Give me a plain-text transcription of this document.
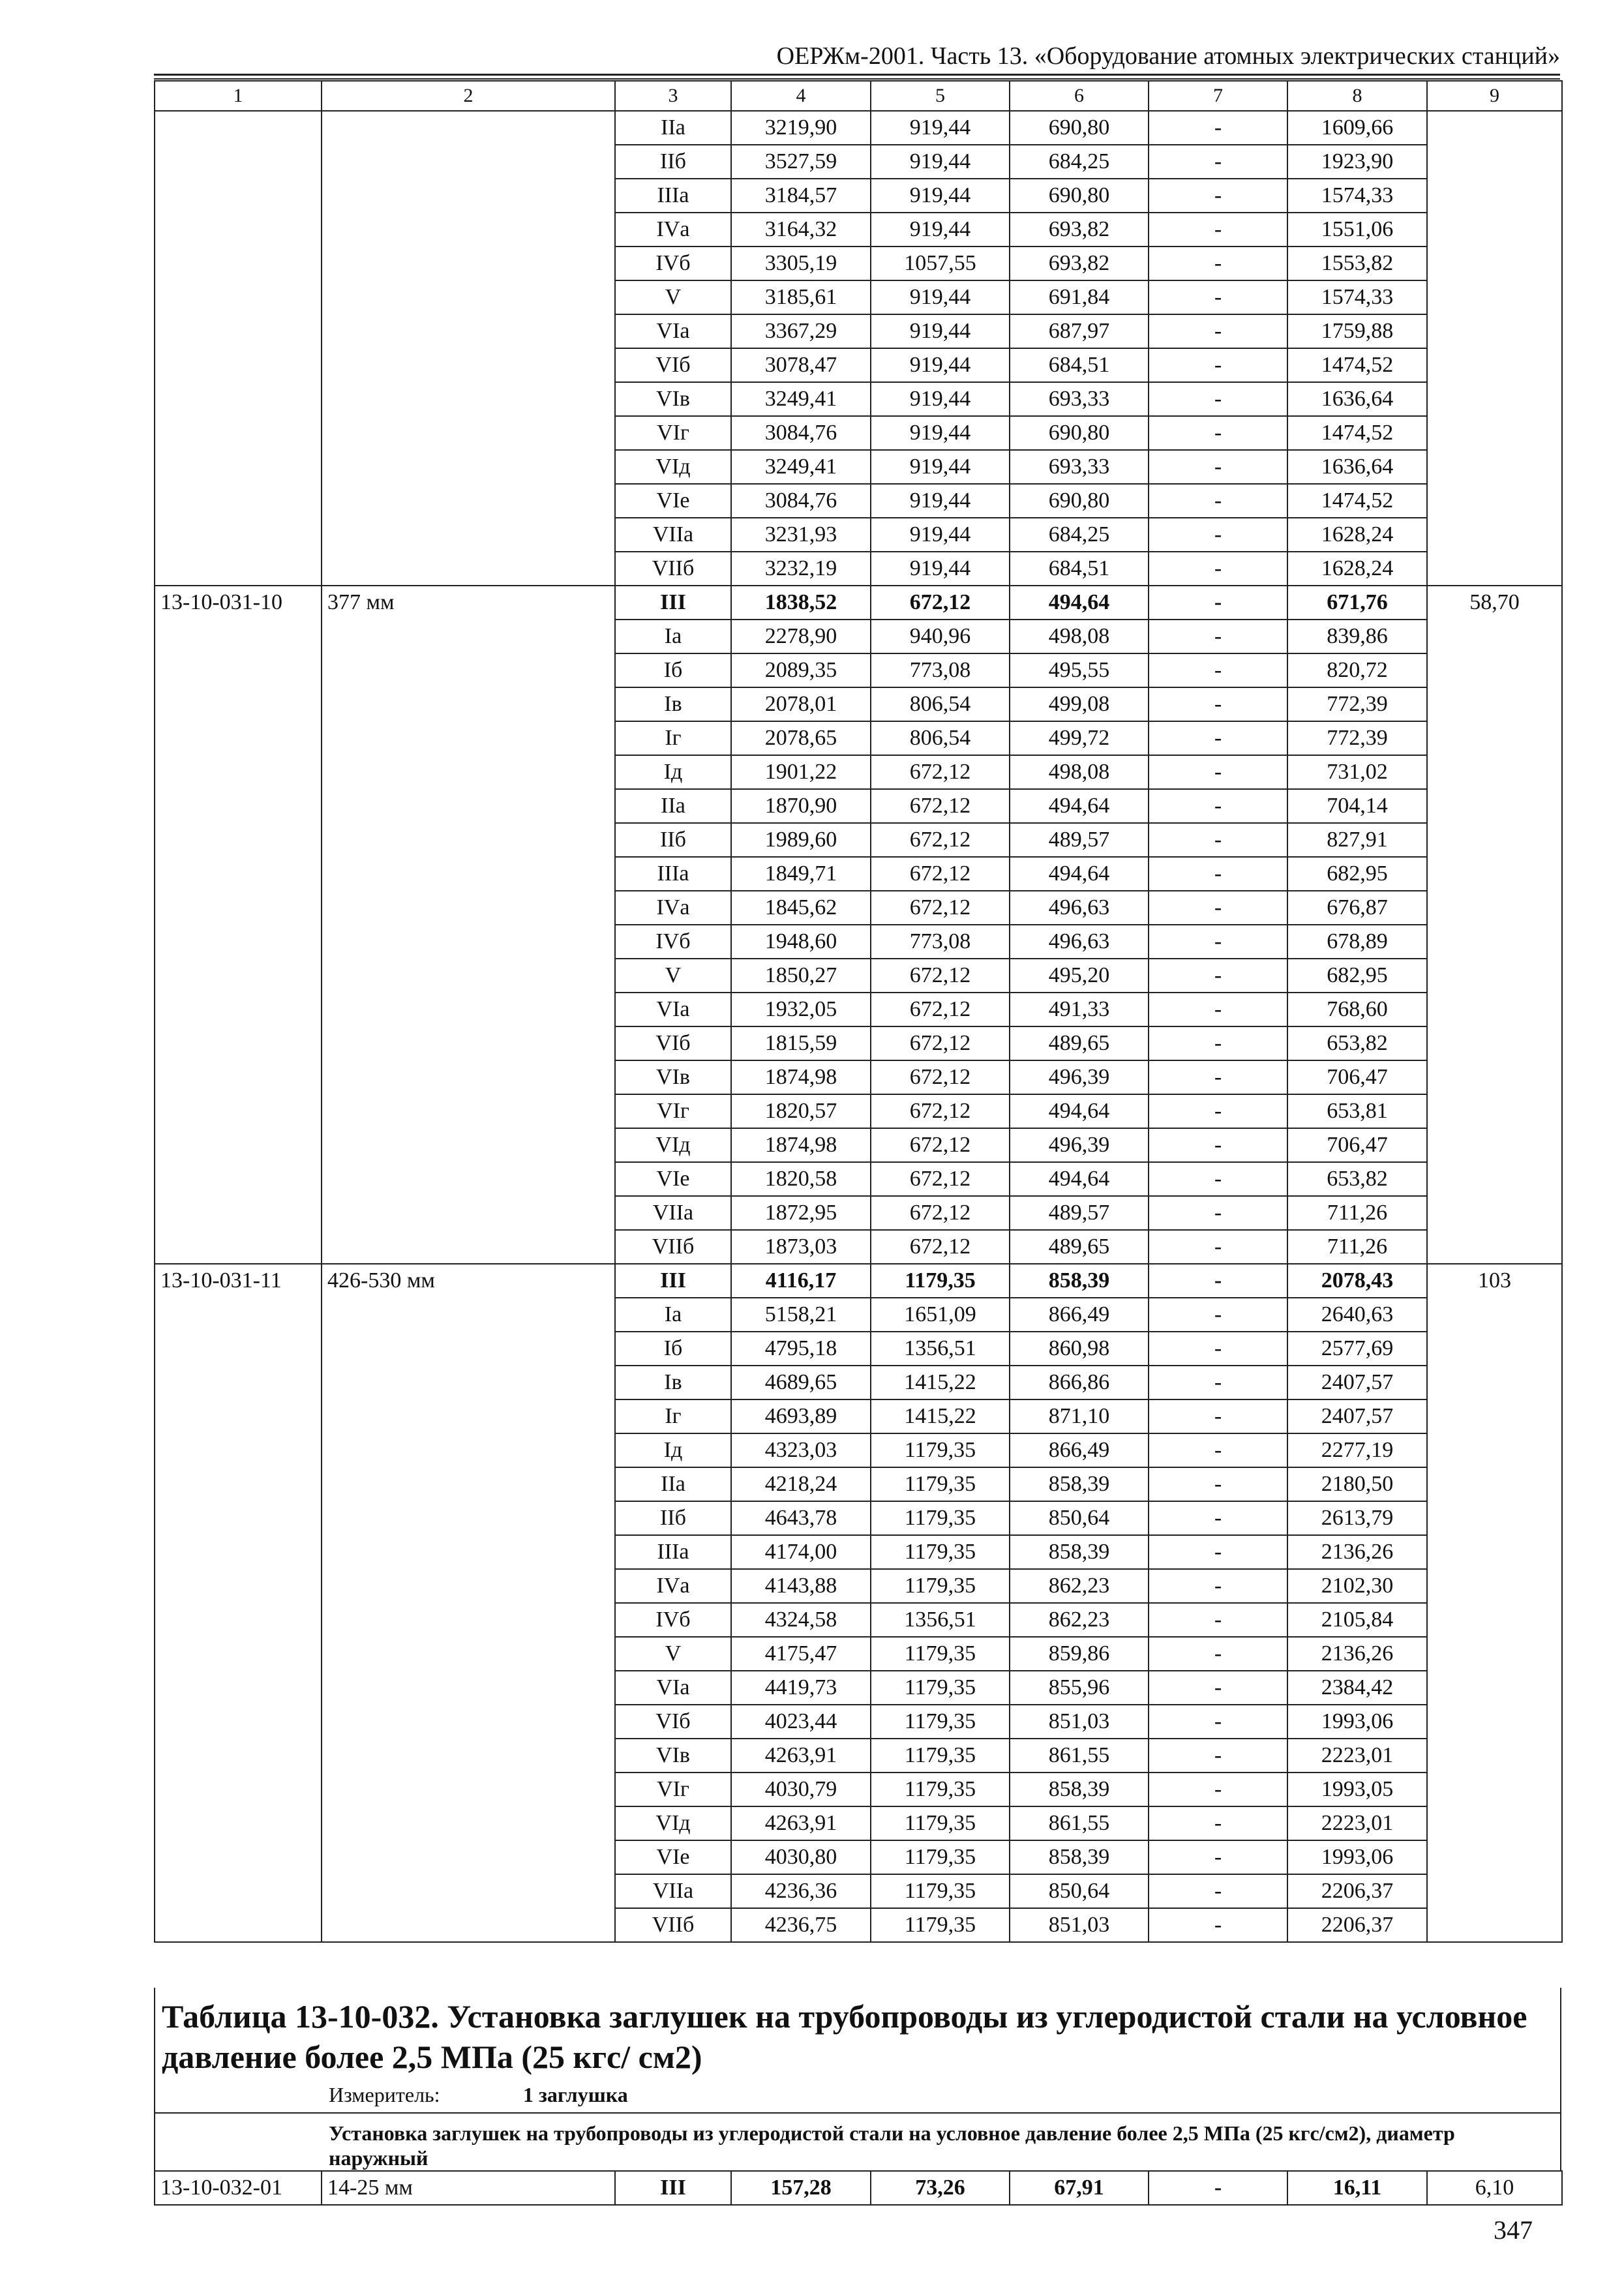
ОЕРЖм-2001. Часть 13. «Оборудование атомных электрических станций»
1	2	3	4	5	6	7	8	9
		IIа	3219,90	919,44	690,80	-	1609,66	
		IIб	3527,59	919,44	684,25	-	1923,90	
		IIIа	3184,57	919,44	690,80	-	1574,33	
		IVа	3164,32	919,44	693,82	-	1551,06	
		IVб	3305,19	1057,55	693,82	-	1553,82	
		V	3185,61	919,44	691,84	-	1574,33	
		VIа	3367,29	919,44	687,97	-	1759,88	
		VIб	3078,47	919,44	684,51	-	1474,52	
		VIв	3249,41	919,44	693,33	-	1636,64	
		VIг	3084,76	919,44	690,80	-	1474,52	
		VIд	3249,41	919,44	693,33	-	1636,64	
		VIе	3084,76	919,44	690,80	-	1474,52	
		VIIа	3231,93	919,44	684,25	-	1628,24	
		VIIб	3232,19	919,44	684,51	-	1628,24	
13-10-031-10	377 мм	III	1838,52	672,12	494,64	-	671,76	58,70
		Iа	2278,90	940,96	498,08	-	839,86	
		Iб	2089,35	773,08	495,55	-	820,72	
		Iв	2078,01	806,54	499,08	-	772,39	
		Iг	2078,65	806,54	499,72	-	772,39	
		Iд	1901,22	672,12	498,08	-	731,02	
		IIа	1870,90	672,12	494,64	-	704,14	
		IIб	1989,60	672,12	489,57	-	827,91	
		IIIа	1849,71	672,12	494,64	-	682,95	
		IVа	1845,62	672,12	496,63	-	676,87	
		IVб	1948,60	773,08	496,63	-	678,89	
		V	1850,27	672,12	495,20	-	682,95	
		VIа	1932,05	672,12	491,33	-	768,60	
		VIб	1815,59	672,12	489,65	-	653,82	
		VIв	1874,98	672,12	496,39	-	706,47	
		VIг	1820,57	672,12	494,64	-	653,81	
		VIд	1874,98	672,12	496,39	-	706,47	
		VIе	1820,58	672,12	494,64	-	653,82	
		VIIа	1872,95	672,12	489,57	-	711,26	
		VIIб	1873,03	672,12	489,65	-	711,26	
13-10-031-11	426-530 мм	III	4116,17	1179,35	858,39	-	2078,43	103
		Iа	5158,21	1651,09	866,49	-	2640,63	
		Iб	4795,18	1356,51	860,98	-	2577,69	
		Iв	4689,65	1415,22	866,86	-	2407,57	
		Iг	4693,89	1415,22	871,10	-	2407,57	
		Iд	4323,03	1179,35	866,49	-	2277,19	
		IIа	4218,24	1179,35	858,39	-	2180,50	
		IIб	4643,78	1179,35	850,64	-	2613,79	
		IIIа	4174,00	1179,35	858,39	-	2136,26	
		IVа	4143,88	1179,35	862,23	-	2102,30	
		IVб	4324,58	1356,51	862,23	-	2105,84	
		V	4175,47	1179,35	859,86	-	2136,26	
		VIа	4419,73	1179,35	855,96	-	2384,42	
		VIб	4023,44	1179,35	851,03	-	1993,06	
		VIв	4263,91	1179,35	861,55	-	2223,01	
		VIг	4030,79	1179,35	858,39	-	1993,05	
		VIд	4263,91	1179,35	861,55	-	2223,01	
		VIе	4030,80	1179,35	858,39	-	1993,06	
		VIIа	4236,36	1179,35	850,64	-	2206,37	
		VIIб	4236,75	1179,35	851,03	-	2206,37	
Таблица 13-10-032. Установка заглушек на трубопроводы из углеродистой стали на условное давление более 2,5 МПа (25 кгс/ см2)
Измеритель:	1 заглушка
Установка заглушек на трубопроводы из углеродистой стали на условное давление более 2,5 МПа (25 кгс/см2), диаметр наружный
13-10-032-01	14-25 мм	III	157,28	73,26	67,91	-	16,11	6,10
347
